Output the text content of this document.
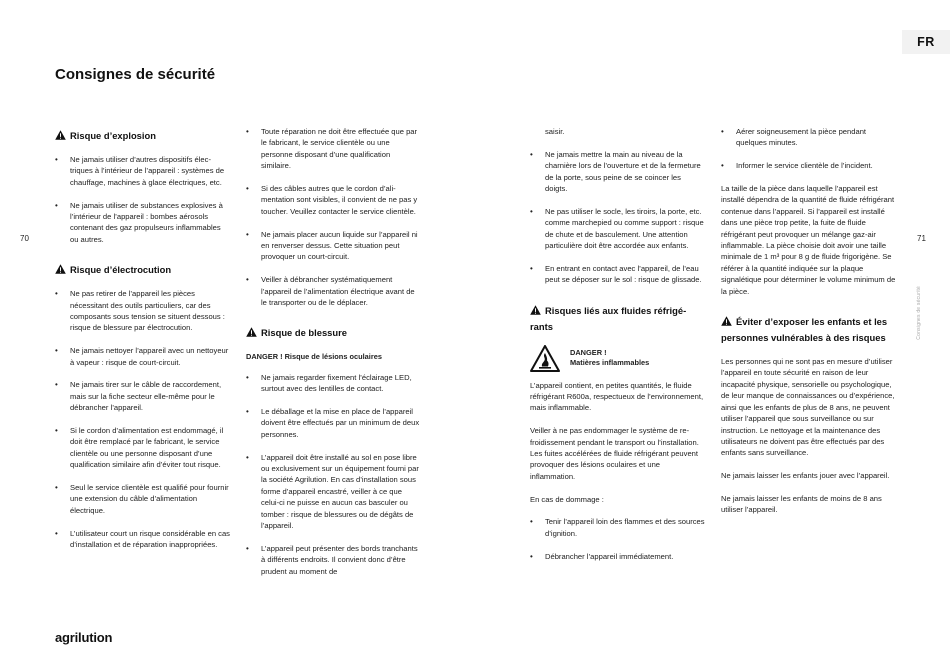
FR
Consignes de sécurité
70	71
Consignes de sécurité
agrilution
Risque d’explosion
• Ne jamais utiliser d’autres dispositifs électriques à l’intérieur de l’appareil : systèmes de chauffage, machines à glace électriques, etc.
• Ne jamais utiliser de substances explosives à l’intérieur de l’appareil : bombes aérosols contenant des gaz propulseurs inflammables ou autres.
Risque d’électrocution
• Ne pas retirer de l’appareil les pièces nécessitant des outils particuliers, car des composants sous tension se situent dessous : risque de blessure par électrocution.
• Ne jamais nettoyer l’appareil avec un nettoyeur à vapeur : risque de court-circuit.
• Ne jamais tirer sur le câble de raccordement, mais sur la fiche secteur elle-même pour le débrancher l’appareil.
• Si le cordon d’alimentation est endommagé, il doit être remplacé par le fabricant, le service clientèle ou une personne disposant d’une qualification similaire afin d’éviter tout risque.
• Seul le service clientèle est qualifié pour fournir une extension du câble d’alimentation électrique.
• L’utilisateur court un risque considérable en cas d’installation et de réparation inappropriées.
• Toute réparation ne doit être effectuée que par le fabricant, le service clientèle ou une personne disposant d’une qualification similaire.
• Si des câbles autres que le cordon d’alimentation sont visibles, il convient de ne pas y toucher. Veuillez contacter le service clientèle.
• Ne jamais placer aucun liquide sur l’appareil ni en renverser dessus. Cette situation peut provoquer un court-circuit.
• Veiller à débrancher systématiquement l’appareil de l’alimentation électrique avant de le transporter ou de le déplacer.
Risque de blessure
DANGER ! Risque de lésions oculaires
• Ne jamais regarder fixement l’éclairage LED, surtout avec des lentilles de contact.
• Le déballage et la mise en place de l’appareil doivent être effectués par un minimum de deux personnes.
• L’appareil doit être installé au sol en pose libre ou exclusivement sur un équipement fourni par la société Agrilution. En cas d’installation sous forme d’appareil encastré, veiller à ce que celui-ci ne puisse en aucun cas basculer ou tomber : risque de blessures ou de dégâts de l’appareil.
• L’appareil peut présenter des bords tranchants à différents endroits. Il convient donc d’être prudent au moment de
saisir.
• Ne jamais mettre la main au niveau de la charnière lors de l’ouverture et de la fermeture de la porte, sous peine de se coincer les doigts.
• Ne pas utiliser le socle, les tiroirs, la porte, etc. comme marchepied ou comme support : risque de chute et de basculement. Une attention particulière doit être accordée aux enfants.
• En entrant en contact avec l’appareil, de l’eau peut se déposer sur le sol : risque de glissade.
Risques liés aux fluides réfrigérants
DANGER !
Matières inflammables

L’appareil contient, en petites quantités, le fluide réfrigérant R600a, respectueux de l’environnement, mais inflammable.

Veiller à ne pas endommager le système de refroidissement pendant le transport ou l’installation. Les fuites accélérées de fluide réfrigérant peuvent provoquer des lésions oculaires et une inflammation.

En cas de dommage :

• Tenir l’appareil loin des flammes et des sources d’ignition.
• Débrancher l’appareil immédiatement.
• Aérer soigneusement la pièce pendant quelques minutes.
• Informer le service clientèle de l’incident.

La taille de la pièce dans laquelle l’appareil est installé dépendra de la quantité de fluide réfrigérant contenue dans l’appareil. Si l’appareil est installé dans une pièce trop petite, la fuite de fluide réfrigérant peut provoquer un mélange gaz-air inflammable. La pièce choisie doit avoir une taille minimale de 1 m³ pour 8 g de fluide frigorigène. Se référer à la quantité indiquée sur la plaque signalétique pour déterminer le volume minimum de la pièce.

Éviter d’exposer les enfants et les personnes vulnérables à des risques

Les personnes qui ne sont pas en mesure d’utiliser l’appareil en toute sécurité en raison de leur incapacité physique, sensorielle ou psychologique, de leur manque de connaissances ou d’expérience, ainsi que les enfants de plus de 8 ans, ne peuvent utiliser l’appareil que sous surveillance ou sur instruction. Le nettoyage et la maintenance des utilisateurs ne doivent pas être effectués par des enfants sans surveillance.

Ne jamais laisser les enfants jouer avec l’appareil.

Ne jamais laisser les enfants de moins de 8 ans utiliser l’appareil.
